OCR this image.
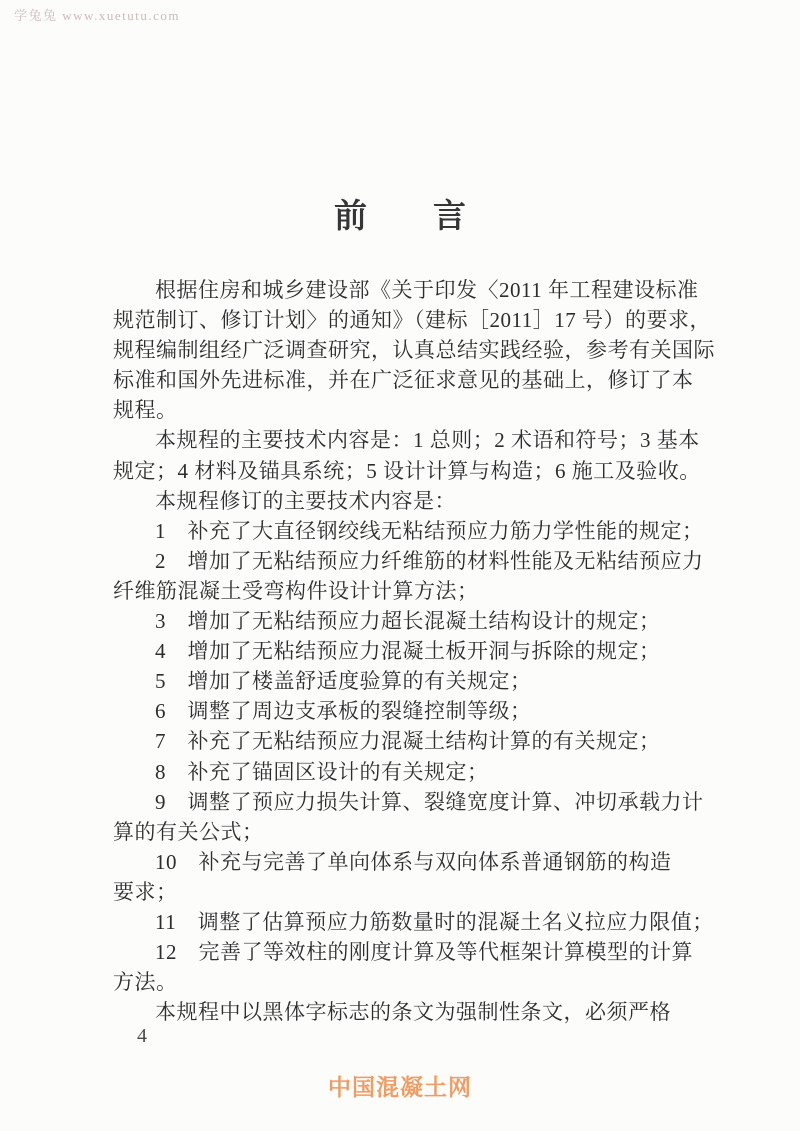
学兔兔 www.xuetutu.com
前　　言
根据住房和城乡建设部《关于印发〈2011 年工程建设标准
规范制订、修订计划〉的通知》（建标［2011］17 号）的要求，
规程编制组经广泛调查研究，认真总结实践经验，参考有关国际
标准和国外先进标准，并在广泛征求意见的基础上，修订了本
规程。
本规程的主要技术内容是：1 总则；2 术语和符号；3 基本
规定；4 材料及锚具系统；5 设计计算与构造；6 施工及验收。
本规程修订的主要技术内容是：
1　补充了大直径钢绞线无粘结预应力筋力学性能的规定；
2　增加了无粘结预应力纤维筋的材料性能及无粘结预应力
纤维筋混凝土受弯构件设计计算方法；
3　增加了无粘结预应力超长混凝土结构设计的规定；
4　增加了无粘结预应力混凝土板开洞与拆除的规定；
5　增加了楼盖舒适度验算的有关规定；
6　调整了周边支承板的裂缝控制等级；
7　补充了无粘结预应力混凝土结构计算的有关规定；
8　补充了锚固区设计的有关规定；
9　调整了预应力损失计算、裂缝宽度计算、冲切承载力计
算的有关公式；
10　补充与完善了单向体系与双向体系普通钢筋的构造
要求；
11　调整了估算预应力筋数量时的混凝土名义拉应力限值；
12　完善了等效柱的刚度计算及等代框架计算模型的计算
方法。
本规程中以黑体字标志的条文为强制性条文，必须严格
4
中国混凝土网
